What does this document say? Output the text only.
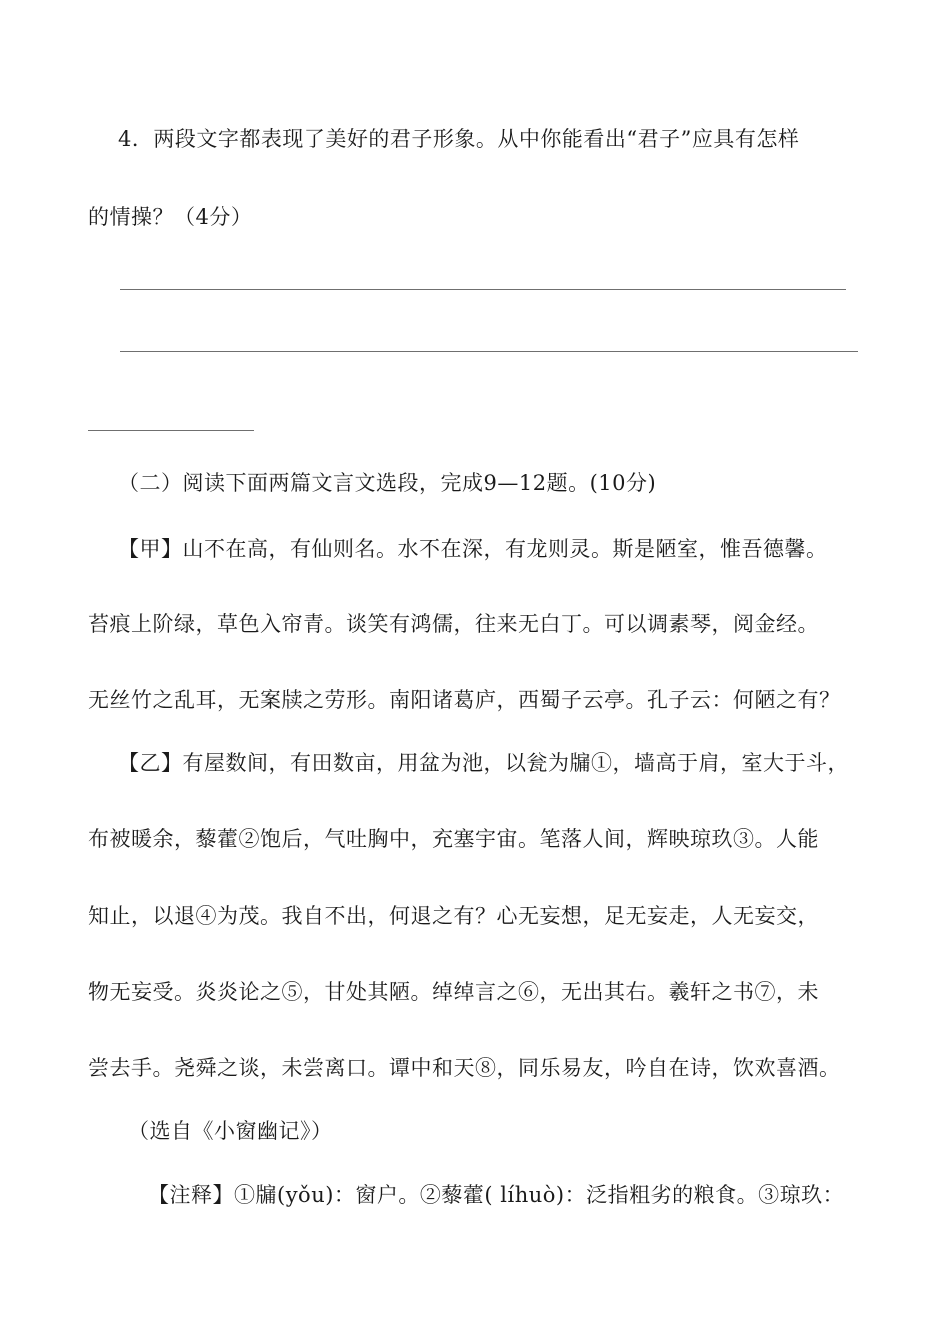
4．两段文字都表现了美好的君子形象。从中你能看出“君子”应具有怎样
的情操？（4分）
（二）阅读下面两篇文言文选段，完成9—12题。(10分)
【甲】山不在高，有仙则名。水不在深，有龙则灵。斯是陋室，惟吾德馨。
苔痕上阶绿，草色入帘青。谈笑有鸿儒，往来无白丁。可以调素琴，阅金经。
无丝竹之乱耳，无案牍之劳形。南阳诸葛庐，西蜀子云亭。孔子云：何陋之有？
【乙】有屋数间，有田数亩，用盆为池，以瓮为牖①，墙高于肩，室大于斗，
布被暖余，藜藿②饱后，气吐胸中，充塞宇宙。笔落人间，辉映琼玖③。人能
知止，以退④为茂。我自不出，何退之有？心无妄想，足无妄走，人无妄交，
物无妄受。炎炎论之⑤，甘处其陋。绰绰言之⑥，无出其右。羲轩之书⑦，未
尝去手。尧舜之谈，未尝离口。谭中和天⑧，同乐易友，吟自在诗，饮欢喜酒。
（选自《小窗幽记》）
【注释】①牖(yǒu)：窗户。②藜藿( líhuò)：泛指粗劣的粮食。③琼玖：
